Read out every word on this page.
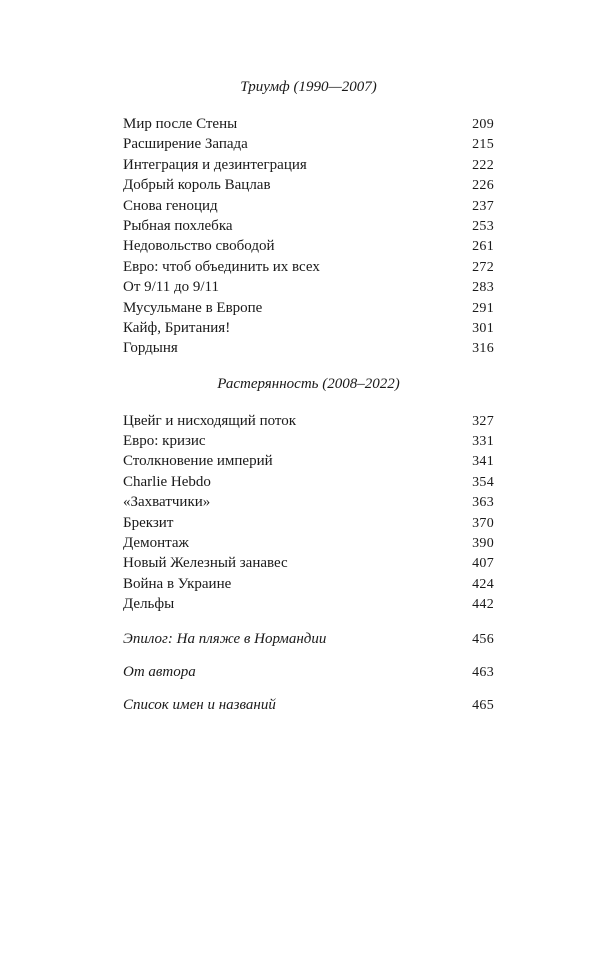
Триумф (1990—2007)
Мир после Стены	209
Расширение Запада	215
Интеграция и дезинтеграция	222
Добрый король Вацлав	226
Снова геноцид	237
Рыбная похлебка	253
Недовольство свободой	261
Евро: чтоб объединить их всех	272
От 9/11 до 9/11	283
Мусульмане в Европе	291
Кайф, Британия!	301
Гордыня	316
Растерянность (2008–2022)
Цвейг и нисходящий поток	327
Евро: кризис	331
Столкновение империй	341
Charlie Hebdo	354
«Захватчики»	363
Брекзит	370
Демонтаж	390
Новый Железный занавес	407
Война в Украине	424
Дельфы	442
Эпилог: На пляже в Нормандии	456
От автора	463
Список имен и названий	465
